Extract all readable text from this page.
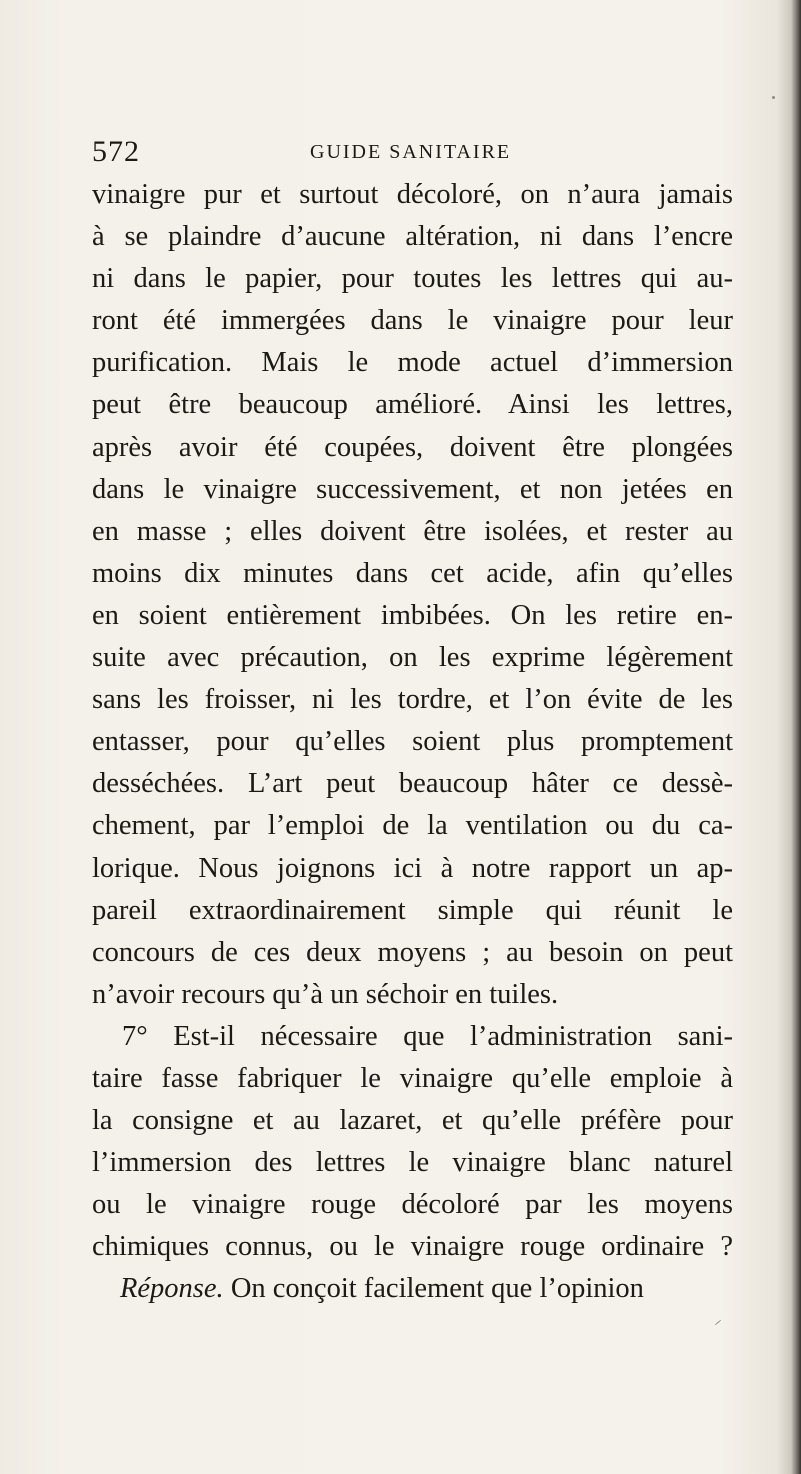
572	GUIDE SANITAIRE
vinaigre pur et surtout décoloré, on n’aura jamais
à se plaindre d’aucune altération, ni dans l’encre
ni dans le papier, pour toutes les lettres qui au-
ront été immergées dans le vinaigre pour leur
purification. Mais le mode actuel d’immersion
peut être beaucoup amélioré. Ainsi les lettres,
après avoir été coupées, doivent être plongées
dans le vinaigre successivement, et non jetées en
en masse ; elles doivent être isolées, et rester au
moins dix minutes dans cet acide, afin qu’elles
en soient entièrement imbibées. On les retire en-
suite avec précaution, on les exprime légèrement
sans les froisser, ni les tordre, et l’on évite de les
entasser, pour qu’elles soient plus promptement
desséchées. L’art peut beaucoup hâter ce dessè-
chement, par l’emploi de la ventilation ou du ca-
lorique. Nous joignons ici à notre rapport un ap-
pareil extraordinairement simple qui réunit le
concours de ces deux moyens ; au besoin on peut
n’avoir recours qu’à un séchoir en tuiles.
7° Est-il nécessaire que l’administration sani-
taire fasse fabriquer le vinaigre qu’elle emploie à
la consigne et au lazaret, et qu’elle préfère pour
l’immersion des lettres le vinaigre blanc naturel
ou le vinaigre rouge décoloré par les moyens
chimiques connus, ou le vinaigre rouge ordinaire ?
Réponse. On conçoit facilement que l’opinion
